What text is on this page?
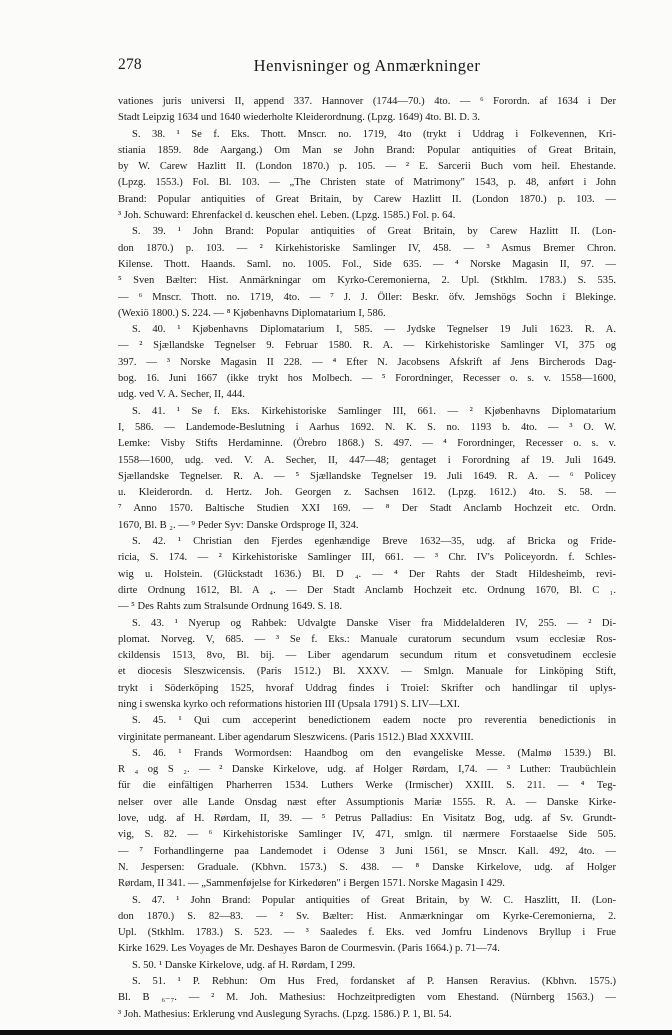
278	Henvisninger og Anmærkninger
vationes juris universi II, append 337. Hannover (1744—70.) 4to. — ⁶ Forordn. af 1634 i Der
Stadt Leipzig 1634 und 1640 wiederholte Kleiderordnung. (Lpzg. 1649) 4to. Bl. D. 3.
S. 38. ¹ Se f. Eks. Thott. Mnscr. no. 1719, 4to (trykt i Uddrag i Folkevennen, Kri-
stiania 1859. 8de Aargang.) Om Man se John Brand: Popular antiquities of Great Britain,
by W. Carew Hazlitt II. (London 1870.) p. 105. — ² E. Sarcerii Buch vom heil. Ehestande.
(Lpzg. 1553.) Fol. Bl. 103. — „The Christen state of Matrimony" 1543, p. 48, anført i John
Brand: Popular antiquities of Great Britain, by Carew Hazlitt II. (London 1870.) p. 103. —
³ Joh. Schuward: Ehrenfackel d. keuschen ehel. Leben. (Lpzg. 1585.) Fol. p. 64.
S. 39. ¹ John Brand: Popular antiquities of Great Britain, by Carew Hazlitt II. (Lon-
don 1870.) p. 103. — ² Kirkehistoriske Samlinger IV, 458. — ³ Asmus Bremer Chron.
Kilense. Thott. Haands. Saml. no. 1005. Fol., Side 635. — ⁴ Norske Magasin II, 97. —
⁵ Sven Bælter: Hist. Anmärkningar om Kyrko-Ceremonierna, 2. Upl. (Stkhlm. 1783.) S. 535.
— ⁶ Mnscr. Thott. no. 1719, 4to. — ⁷ J. J. Öller: Beskr. öfv. Jemshögs Sochn i Blekinge.
(Wexiö 1800.) S. 224. — ⁸ Kjøbenhavns Diplomatarium I, 586.
S. 40. ¹ Kjøbenhavns Diplomatarium I, 585. — Jydske Tegnelser 19 Juli 1623. R. A.
— ² Sjællandske Tegnelser 9. Februar 1580. R. A. — Kirkehistoriske Samlinger VI, 375 og
397. — ³ Norske Magasin II 228. — ⁴ Efter N. Jacobsens Afskrift af Jens Bircherods Dag-
bog. 16. Juni 1667 (ikke trykt hos Molbech. — ⁵ Forordninger, Recesser o. s. v. 1558—1600,
udg. ved V. A. Secher, II, 444.
S. 41. ¹ Se f. Eks. Kirkehistoriske Samlinger III, 661. — ² Kjøbenhavns Diplomatarium
I, 586. — Landemode-Beslutning i Aarhus 1692. N. K. S. no. 1193 b. 4to. — ³ O. W.
Lemke: Visby Stifts Herdaminne. (Örebro 1868.) S. 497. — ⁴ Forordninger, Recesser o. s. v.
1558—1600, udg. ved. V. A. Secher, II, 447—48; gentaget i Forordning af 19. Juli 1649.
Sjællandske Tegnelser. R. A. — ⁵ Sjællandske Tegnelser 19. Juli 1649. R. A. — ⁶ Policey
u. Kleiderordn. d. Hertz. Joh. Georgen z. Sachsen 1612. (Lpzg. 1612.) 4to. S. 58. —
⁷ Anno 1570. Baltische Studien XXI 169. — ⁸ Der Stadt Anclamb Hochzeit etc. Ordn.
1670, Bl. B ₂. — ⁹ Peder Syv: Danske Ordsproge II, 324.
S. 42. ¹ Christian den Fjerdes egenhændige Breve 1632—35, udg. af Bricka og Fride-
ricia, S. 174. — ² Kirkehistoriske Samlinger III, 661. — ³ Chr. IV's Policeyordn. f. Schles-
wig u. Holstein. (Glückstadt 1636.) Bl. D ₄. — ⁴ Der Rahts der Stadt Hildesheimb, revi-
dirte Ordnung 1612, Bl. A ₄. — Der Stadt Anclamb Hochzeit etc. Ordnung 1670, Bl. C ₁.
— ⁵ Des Rahts zum Stralsunde Ordnung 1649. S. 18.
S. 43. ¹ Nyerup og Rahbek: Udvalgte Danske Viser fra Middelalderen IV, 255. — ² Di-
plomat. Norveg. V, 685. — ³ Se f. Eks.: Manuale curatorum secundum vsum ecclesiæ Ros-
ckildensis 1513, 8vo, Bl. bij. — Liber agendarum secundum ritum et consvetudinem ecclesie
et diocesis Sleszwicensis. (Paris 1512.) Bl. XXXV. — Smlgn. Manuale for Linköping Stift,
trykt i Söderköping 1525, hvoraf Uddrag findes i Troiel: Skrifter och handlingar til uplys-
ning i swenska kyrko och reformations historien III (Upsala 1791) S. LIV—LXI.
S. 45. ¹ Qui cum acceperint benedictionem eadem nocte pro reverentia benedictionis in
virginitate permaneant. Liber agendarum Sleszwicens. (Paris 1512.) Blad XXXVIII.
S. 46. ¹ Frands Wormordsen: Haandbog om den evangeliske Messe. (Malmø 1539.) Bl.
R ₄ og S ₂. — ² Danske Kirkelove, udg. af Holger Rørdam, I,74. — ³ Luther: Traubüchlein
für die einfältigen Pharherren 1534. Luthers Werke (Irmischer) XXIII. S. 211. — ⁴ Teg-
nelser over alle Lande Onsdag næst efter Assumptionis Mariæ 1555. R. A. — Danske Kirke-
love, udg. af H. Rørdam, II, 39. — ⁵ Petrus Palladius: En Visitatz Bog, udg. af Sv. Grundt-
vig, S. 82. — ⁶ Kirkehistoriske Samlinger IV, 471, smlgn. til nærmere Forstaaelse Side 505.
— ⁷ Forhandlingerne paa Landemodet i Odense 3 Juni 1561, se Mnscr. Kall. 492, 4to. —
N. Jespersen: Graduale. (Kbhvn. 1573.) S. 438. — ⁸ Danske Kirkelove, udg. af Holger
Rørdam, II 341. — „Sammenføjelse for Kirkedøren" i Bergen 1571. Norske Magasin I 429.
S. 47. ¹ John Brand: Popular antiquities of Great Britain, by W. C. Haszlitt, II. (Lon-
don 1870.) S. 82—83. — ² Sv. Bælter: Hist. Anmærkningar om Kyrke-Ceremonierna, 2.
Upl. (Stkhlm. 1783.) S. 523. — ³ Saaledes f. Eks. ved Jomfru Lindenovs Bryllup i Frue
Kirke 1629. Les Voyages de Mr. Deshayes Baron de Courmesvin. (Paris 1664.) p. 71—74.
S. 50. ¹ Danske Kirkelove, udg. af H. Rørdam, I 299.
S. 51. ¹ P. Rebhun: Om Hus Fred, fordansket af P. Hansen Reravius. (Kbhvn. 1575.)
Bl. B ₆₋₇. — ² M. Joh. Mathesius: Hochzeitpredigten vom Ehestand. (Nürnberg 1563.) —
³ Joh. Mathesius: Erklerung vnd Auslegung Syrachs. (Lpzg. 1586.) P. 1, Bl. 54.
